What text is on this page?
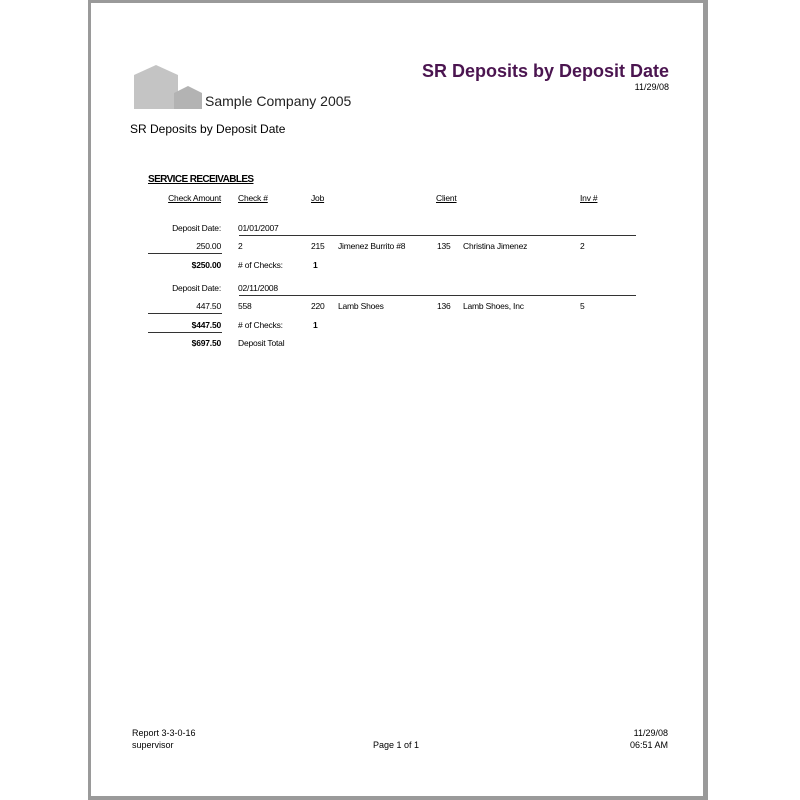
Sample Company 2005
SR Deposits by Deposit Date
11/29/08
SR Deposits by Deposit Date
SERVICE RECEIVABLES
Check Amount Check #	Job	Client	Inv #
Deposit Date: 01/01/2007
250.00 2	215 Jimenez Burrito #8	135 Christina Jimenez	2
$250.00 # of Checks:	1
Deposit Date: 02/11/2008
447.50 558	220 Lamb Shoes	136 Lamb Shoes, Inc	5
$447.50 # of Checks:	1
$697.50 Deposit Total
Report 3-3-0-16
supervisor	Page 1 of 1
11/29/08
06:51 AM
